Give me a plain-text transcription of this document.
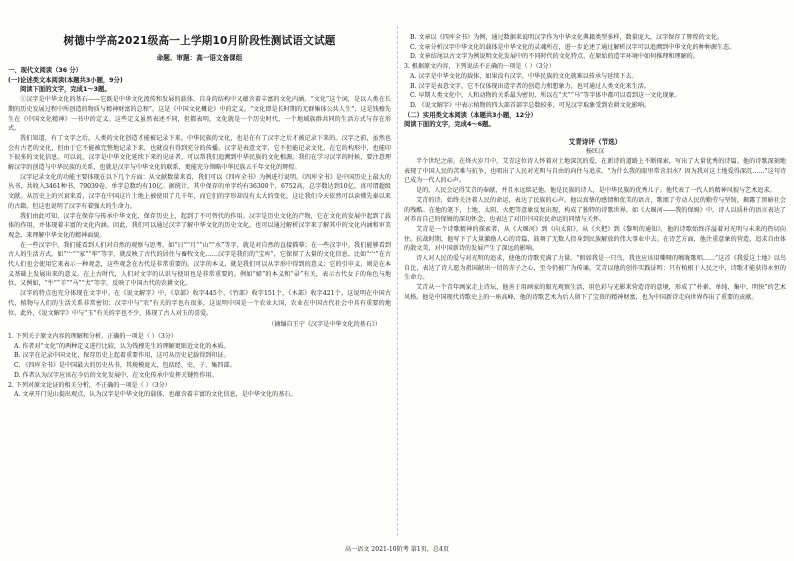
树德中学高2021级高一上学期10月阶段性测试语文试题
命题、审题：高一语文备课组

一、现代文阅读（36 分）

(一)论述类文本阅读(本题共3小题，9分)

阅读下面的文字，完成1～3题。

①汉字是中华文化的基石——它既是中华文化流传和发展的载体，自身的结构中又蕴含着丰富的文化内涵。“文化”这个词，是以人类在长期的历史发展过程中所创造的物质与精神财富的总和”，这是《中国文化概论》中的定义。“文化即是长时期的无群集体公共人生”，这是钱穆先生在《中国文化精神》一书中的定义。这些定义虽然表述不同，但都表明，文化就是一个历史时代、一个地域族群共同的生活方式与存在形式。

我们知道，有了文字之后，人类的文化创造才能被记录下来。中华民族的文化，也是在有了汉字之后才被记录下来的。汉字之前，虽然也会有古老的文化，但由于它不能被完整地记录下来，也就没有得到充分的传播。汉字是表意文字，它不但能记录文化，在它的构形中，也能印下很多的文化信息。可以说，汉字是中华文化延续下来的见证者，可以帮我们追溯到中华民族的文化根源。我们在学习汉字的时候，要注意理解汉字的创造与中华民族的关系，也就是汉字与中华文化的联系，更能充分领略中华民族五千年文化的辉煌。

汉字记录文化的功能主要体现在以下几个方面：从文献数量来看，我们可以《四库全书》为例进行说明。《四库全书》是中国历史上最大的丛书，共收入3461种书，79039卷，单字总数约有10亿。据统计，其中保存的单字约有36300个，6752高，总字数达到10亿，真可谓超级文献。从历史上的兴衰来看，汉字在中国这片土地上被使用了几千年，而它们的字形却没有太大的变化，这让我们今天依然可以读懂先秦以来的古籍。但这也说明了汉字有着强大的生命力。

我们由此可知，汉字在保存与传承中华文化、保存历史上，起到了不可替代的作用。汉字是历史文化的产物，它在文化的发展中起到了载体的作用，并体现着丰富的文化内涵。因此，我们可以通过汉字了解中华文化的历史文化，也可以通过解析汉字来了解其中的文化内涵和审美观念，来理解中华文化的精神面貌。

在一些汉字中，我们能看到人们对自然的观察与思考。如“日”“月”“山”“水”等字，就是对自然的直接描摹；在一些汉字中，我们能够看到古人的生活方式。如“宀”“家”“牢”等字，就反映了古代的居住与畜牧文化……汉字是我们的“宝库”，它保留了大量的文化信息。比如“宀”在古代人们也会使用它来表示一种观念，这些观念在古代是非常重要的。汉字的本义，就是我们可以从字形中得到的意义；它的引申义，则是在本义基础上发展出来的意义。在上古时代，人们对文字的认识与使用也是非常重要的。例如“婦”的本义和“帚”有关，表示古代女子的角色与地位。又例如，“牛”“羊”“马”“犬”等字，反映了中国古代的农耕文化。

汉字的特点也充分体现在文字中。在《说文解字》中，《草部》收字445个，《竹部》收字151个，《木部》收字421个，这说明在中国古代，植物与人们的生活关系非常密切；汉字中与“农”有关的字也有很多，这说明中国是一个农业大国，农业在中国古代社会中具有重要的地位。此外，《说文解字》中与“玉”有关的字也不少，体现了古人对玉的喜爱。

（摘编自王宁《汉字是中华文化的基石》）

1. 下列关于原文内容的理解和分析，正确的一项是（ ）（3分）

A. 作者对“文化”的两种定义进行比较，认为钱穆先生的理解更贴近文化的本质。

B. 汉字在记录中国文化、保存历史上起着重要作用，这可从历史记载得到印证。

C. 《四库全书》是中国最大的历史丛书，其规模庞大，包括经、史、子、集四部。

D. 作者认为汉字应该在今后的文化发展中，在文化传承中发挥关键性作用。

2. 下列对原文论证的相关分析，不正确的一项是（ ）（3分）

A. 文章开门见山提出观点，认为汉字是中华文化的载体，也蕴含着丰富的文化信息，是中华文化的基石。

B. 文章以《四库全书》为例，通过数据来说明汉字作为中华文化典籍类型多样，数量庞大，汉字保存了辉煌的文化。

C. 文章分析汉字中华文化的载体是中华文化的灵魂所在，进一步论述了通过解析汉字可以追溯到中华文化的种种源生态。

D. 文章结尾以古文字为例说明文化发展中的不同时代的文化特点，在原始的造字环境中如何推理和理解的。

3. 根据原文内容，下列说法不正确的一项是（ ）（3分）

A. 汉字是中华文化的载体，如果没有汉字，中华民族的文化就难以传承与延续下去。

B. 汉字是表意文字，它不仅体现出造字者的创造力和想象力，也可通过人类文化来生活。

C. 早期人类文化中，人和动物的关系最为密切，所以在“犬”“马”等字体中都可以看到这一文化现象。

D. 《说文解字》中表示植物的四大部首部字总数较多，可见汉字取象受到农耕文化影响。

（二）实用类文本阅读（本题共3小题，12分）

阅读下面的文字，完成4～6题。

艾青诗评（节选）
杨匡汉

半个世纪之前，在烽火岁月中，艾青这位诗人怀着对土地深沉的爱，在新诗的道路上不断探索，写出了大量优秀的诗篇。他的诗歌深刻地表现了中国人民的苦难与抗争，也唱出了人民对光明与自由的向往与追求。“为什么我的眼里常含泪水？因为我对这土地爱得深沉……”这句诗已成为一代人的心声。

是的，人民会记得艾青的奉献，并且永远铭记他。他是民族的诗人，是中华民族的优秀儿子。他代表了一代人的精神风貌与艺术追求。

艾青的诗，始终关注着人民的命运，表达了民族的心声。他以真挚的感情和优美的语言，歌颂了劳动人民的勤劳与坚韧，揭露了黑暗社会的残酷。在他的笔下，土地、太阳、火把等意象反复出现，构成了独特的诗歌世界。如《大堰河——我的保姆》中，诗人以质朴的语言表达了对养育自己的保姆的深切怀念，也表达了对旧中国农民命运的同情与关怀。

艾青是一个诗歌精神的探索者，从《大堰河》到《向太阳》，从《火把》到《黎明的通知》，他的诗歌始终洋溢着对光明与未来的热切向往。抗战时期，他写下了大量激励人心的诗篇，鼓舞了无数人投身到民族解放的伟大事业中去。在诗艺方面，他注重意象的营造，追求自由体的散文美，对中国新诗的发展产生了深远的影响。

诗人对人民的爱与对光明的追求，使他的诗歌充满了力量。“假如我是一只鸟，我也应该用嘶哑的喉咙歌唱……”这首《我爱这土地》以鸟自比，表达了诗人愿为祖国献出一切的赤子之心，至今仍被广为传诵。艾青以他的创作实践证明：只有植根于人民之中，诗歌才能获得永恒的生命力。

艾青从一个青年画家走上诗坛，他善于用画家的眼光观察生活，用色彩与光影来营造诗的意境，形成了“朴素、单纯、集中、明快”的艺术风格。他是中国现代诗歌史上的一座高峰，他的诗歌艺术为后人留下了宝贵的精神财富，也为中国新诗走向世界作出了重要的贡献。

高一语文 2021-10阶考 第1页，总4页
